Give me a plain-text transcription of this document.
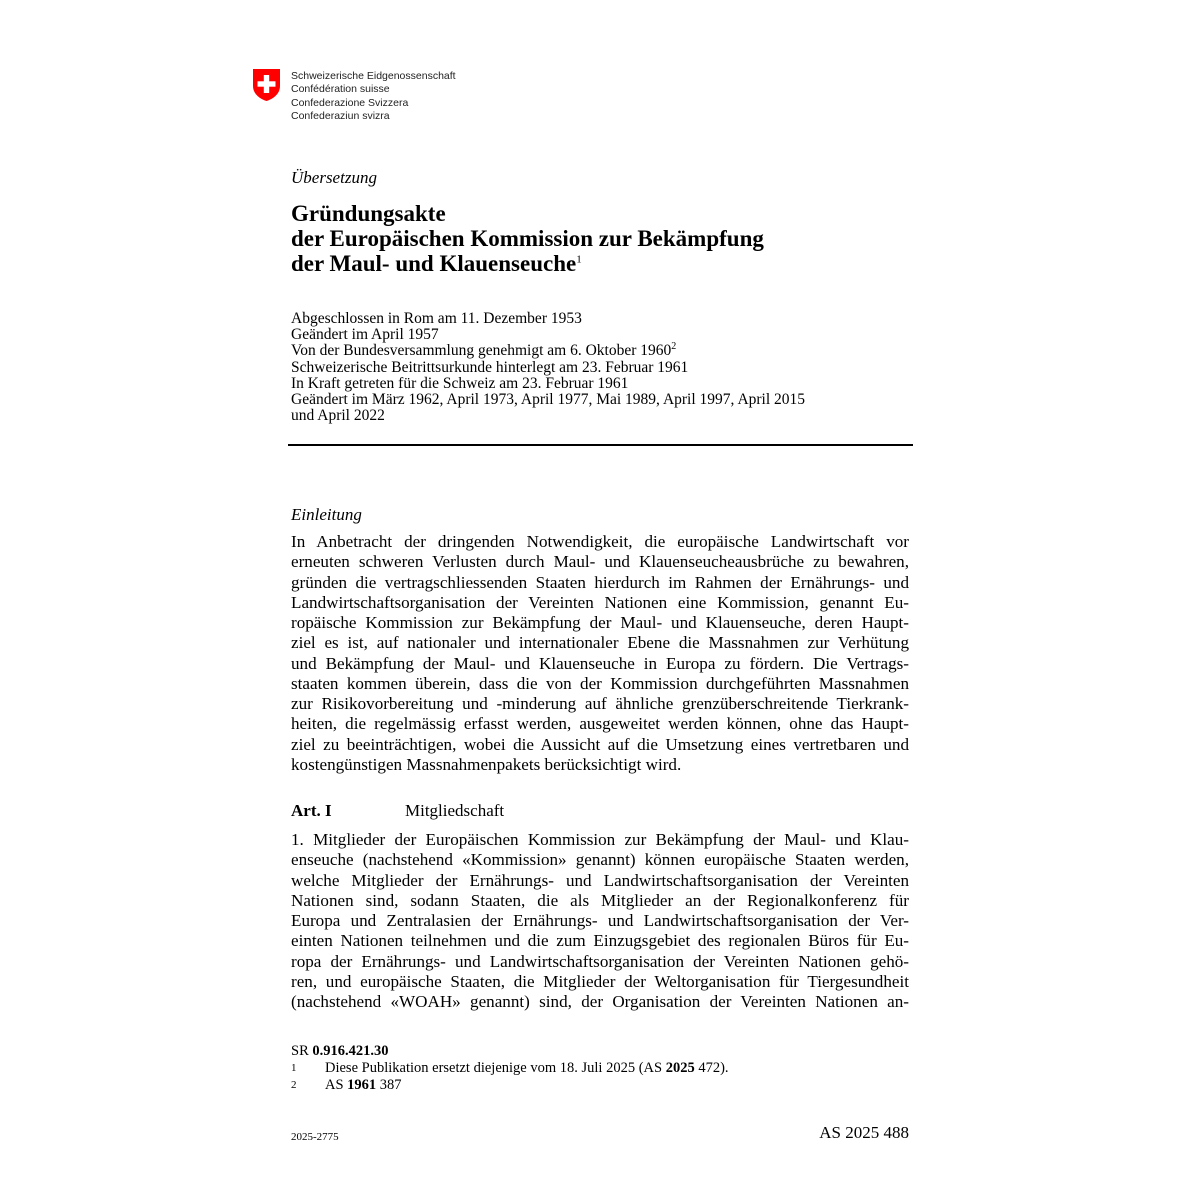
Schweizerische Eidgenossenschaft
Confédération suisse
Confederazione Svizzera
Confederaziun svizra
Übersetzung
Gründungsakte
der Europäischen Kommission zur Bekämpfung
der Maul- und Klauenseuche$^1$
Abgeschlossen in Rom am 11. Dezember 1953
Geändert im April 1957
Von der Bundesversammlung genehmigt am 6. Oktober 1960$^2$
Schweizerische Beitrittsurkunde hinterlegt am 23. Februar 1961
In Kraft getreten für die Schweiz am 23. Februar 1961
Geändert im März 1962, April 1973, April 1977, Mai 1989, April 1997, April 2015
und April 2022
Einleitung
In Anbetracht der dringenden Notwendigkeit, die europäische Landwirtschaft vor
erneuten schweren Verlusten durch Maul- und Klauenseucheausbrüche zu bewahren,
gründen die vertragschliessenden Staaten hierdurch im Rahmen der Ernährungs- und
Landwirtschaftsorganisation der Vereinten Nationen eine Kommission, genannt Eu-
ropäische Kommission zur Bekämpfung der Maul- und Klauenseuche, deren Haupt-
ziel es ist, auf nationaler und internationaler Ebene die Massnahmen zur Verhütung
und Bekämpfung der Maul- und Klauenseuche in Europa zu fördern. Die Vertrags-
staaten kommen überein, dass die von der Kommission durchgeführten Massnahmen
zur Risikovorbereitung und -minderung auf ähnliche grenzüberschreitende Tierkrank-
heiten, die regelmässig erfasst werden, ausgeweitet werden können, ohne das Haupt-
ziel zu beeinträchtigen, wobei die Aussicht auf die Umsetzung eines vertretbaren und
kostengünstigen Massnahmenpakets berücksichtigt wird.
Art. I	Mitgliedschaft
1. Mitglieder der Europäischen Kommission zur Bekämpfung der Maul- und Klau-
enseuche (nachstehend «Kommission» genannt) können europäische Staaten werden,
welche Mitglieder der Ernährungs- und Landwirtschaftsorganisation der Vereinten
Nationen sind, sodann Staaten, die als Mitglieder an der Regionalkonferenz für
Europa und Zentralasien der Ernährungs- und Landwirtschaftsorganisation der Ver-
einten Nationen teilnehmen und die zum Einzugsgebiet des regionalen Büros für Eu-
ropa der Ernährungs- und Landwirtschaftsorganisation der Vereinten Nationen gehö-
ren, und europäische Staaten, die Mitglieder der Weltorganisation für Tiergesundheit
(nachstehend «WOAH» genannt) sind, der Organisation der Vereinten Nationen an-
SR 0.916.421.30
1	Diese Publikation ersetzt diejenige vom 18. Juli 2025 (AS 2025 472).
2	AS 1961 387
2025-2775	AS 2025 488
